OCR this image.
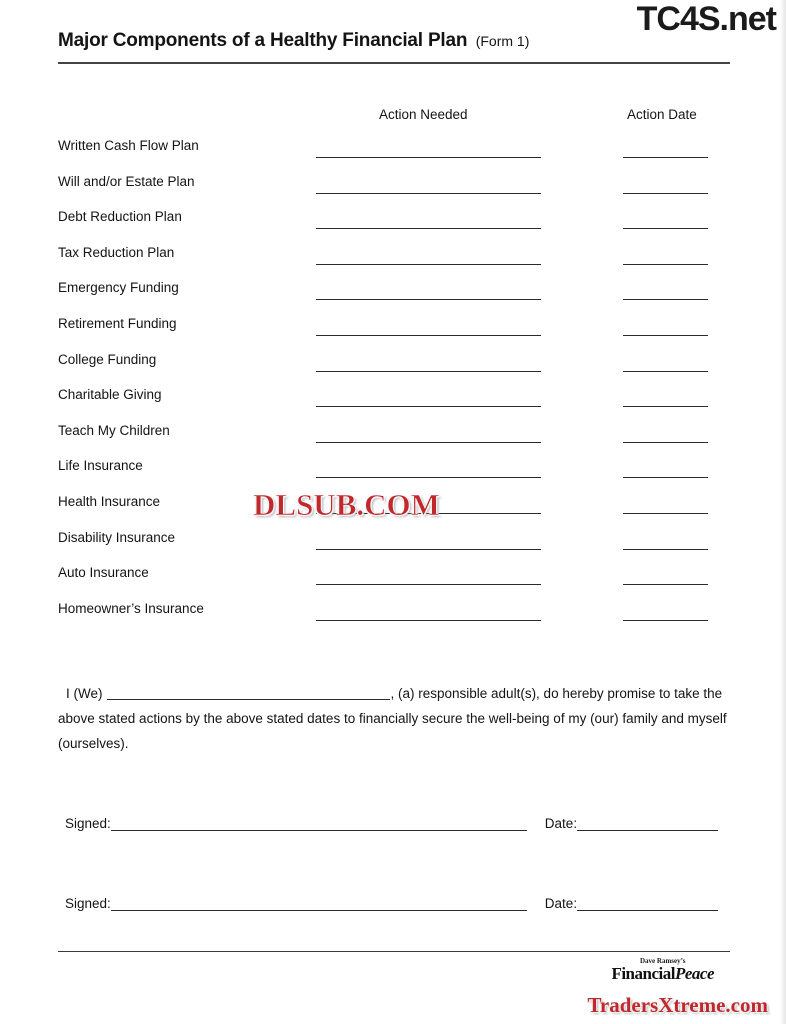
TC4S.net
Major Components of a Healthy Financial Plan (Form 1)
Action Needed	Action Date
Written Cash Flow Plan
Will and/or Estate Plan
Debt Reduction Plan
Tax Reduction Plan
Emergency Funding
Retirement Funding
College Funding
Charitable Giving
Teach My Children
Life Insurance
Health Insurance
Disability Insurance
Auto Insurance
Homeowner’s Insurance
DLSUB.COM
I (We)	, (a) responsible adult(s), do hereby promise to take the above stated actions by the above stated dates to financially secure the well-being of my (our) family and myself (ourselves).
Signed:	Date:
Signed:	Date:
Dave Ramsey’s
FinancialPeace
TradersXtreme.com
